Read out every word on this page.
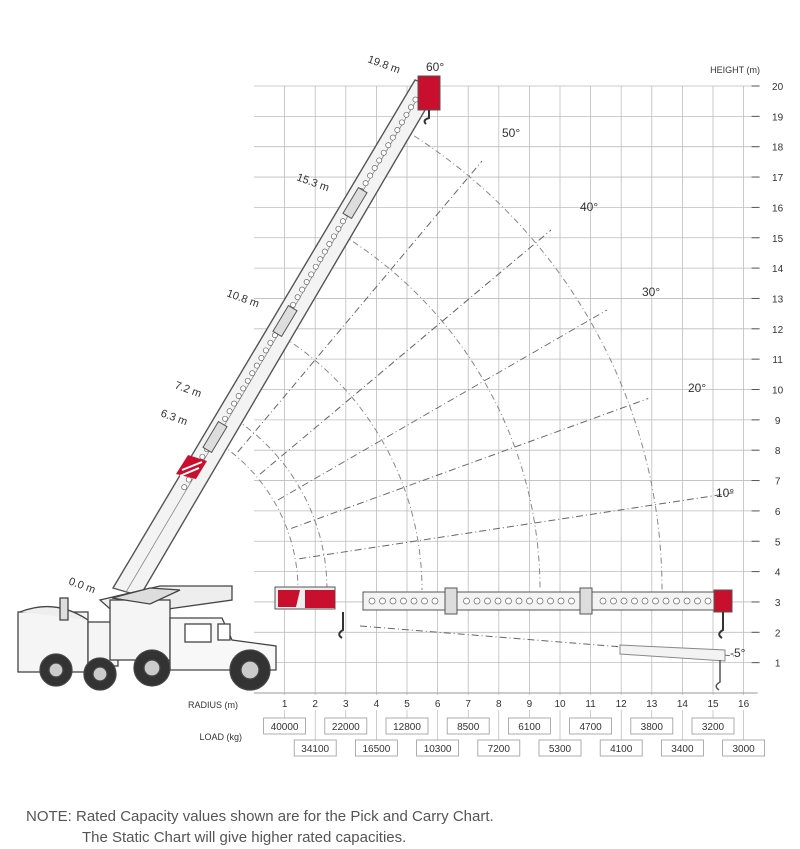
HEIGHT (m)
RADIUS (m)
LOAD (kg)
1
2
3
4
5
6
7
8
9
10
11
12
13
14
15
16
17
18
19
20
1	2	3	4	5	6	7	8	9 10 11 12 13 14 15 16
40000	22000	12800	8500	6100	4700	3800	3200
34100	16500	10300	7200	5300	4100	3400	3000
0.0 m
6.3 m
7.2 m
10.8 m
15.3 m
19.8 m 60°
50°
40°
30°
20°
10°
-5°
NOTE: Rated Capacity values shown are for the Pick and Carry Chart.
The Static Chart will give higher rated capacities.
